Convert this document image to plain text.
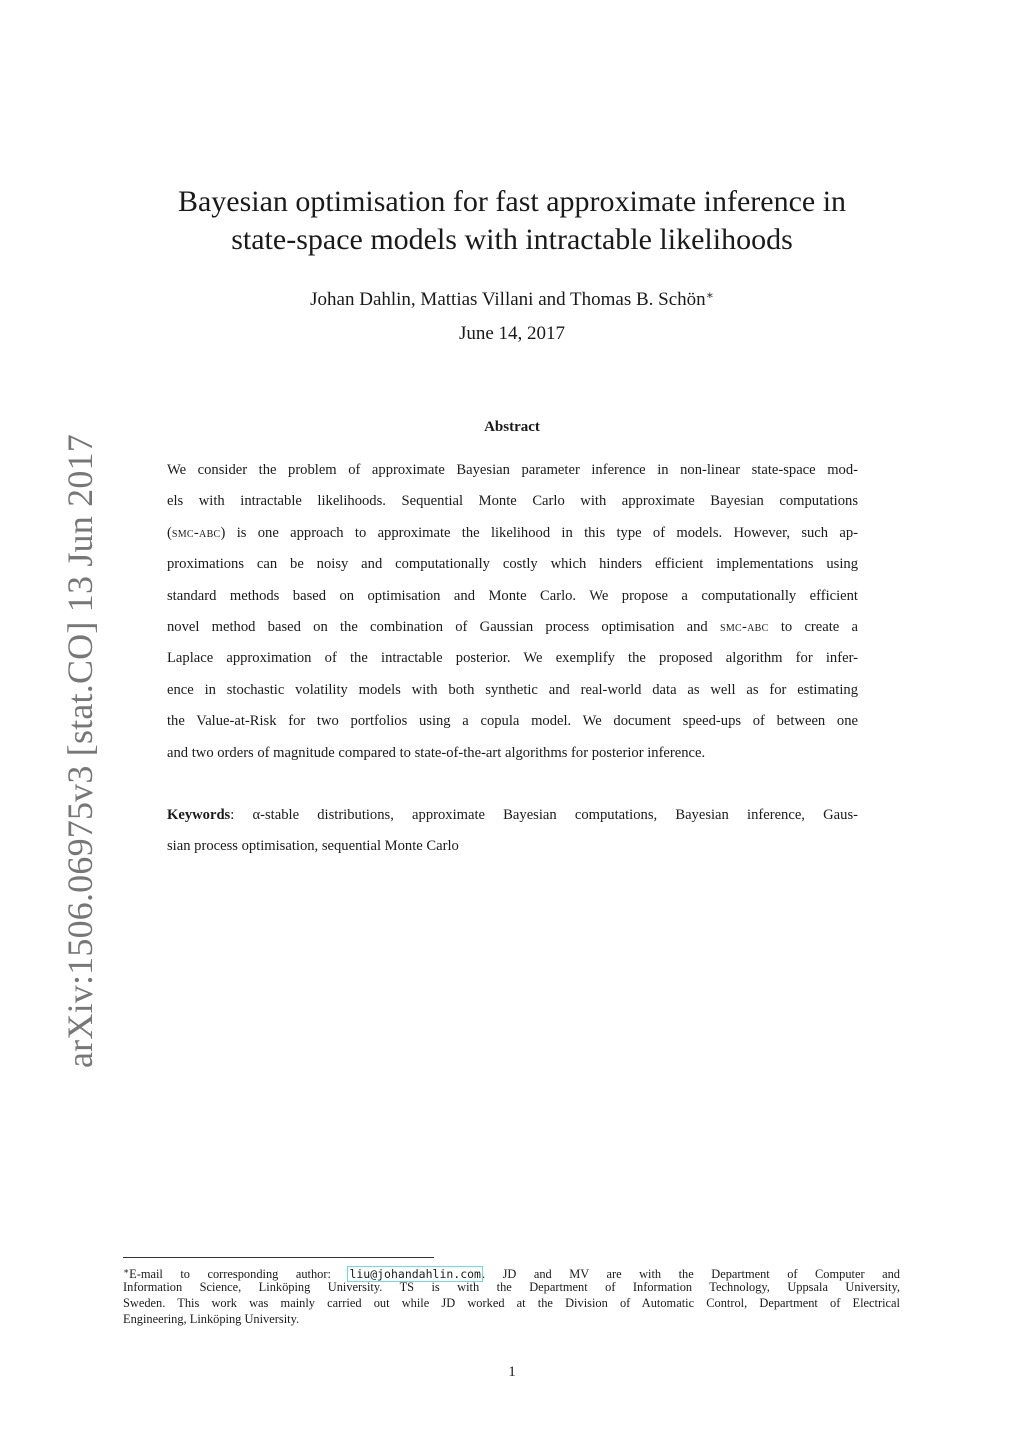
arXiv:1506.06975v3 [stat.CO] 13 Jun 2017
Bayesian optimisation for fast approximate inference in
state-space models with intractable likelihoods
Johan Dahlin, Mattias Villani and Thomas B. Schön∗
June 14, 2017
Abstract
We consider the problem of approximate Bayesian parameter inference in non-linear state-space mod-
els with intractable likelihoods. Sequential Monte Carlo with approximate Bayesian computations
(smc-abc) is one approach to approximate the likelihood in this type of models. However, such ap-
proximations can be noisy and computationally costly which hinders efficient implementations using
standard methods based on optimisation and Monte Carlo. We propose a computationally efficient
novel method based on the combination of Gaussian process optimisation and smc-abc to create a
Laplace approximation of the intractable posterior. We exemplify the proposed algorithm for infer-
ence in stochastic volatility models with both synthetic and real-world data as well as for estimating
the Value-at-Risk for two portfolios using a copula model. We document speed-ups of between one
and two orders of magnitude compared to state-of-the-art algorithms for posterior inference.
Keywords: α-stable distributions, approximate Bayesian computations, Bayesian inference, Gaus-
sian process optimisation, sequential Monte Carlo
∗E-mail to corresponding author: liu@johandahlin.com. JD and MV are with the Department of Computer and
Information Science, Linköping University. TS is with the Department of Information Technology, Uppsala University,
Sweden. This work was mainly carried out while JD worked at the Division of Automatic Control, Department of Electrical
Engineering, Linköping University.
1
